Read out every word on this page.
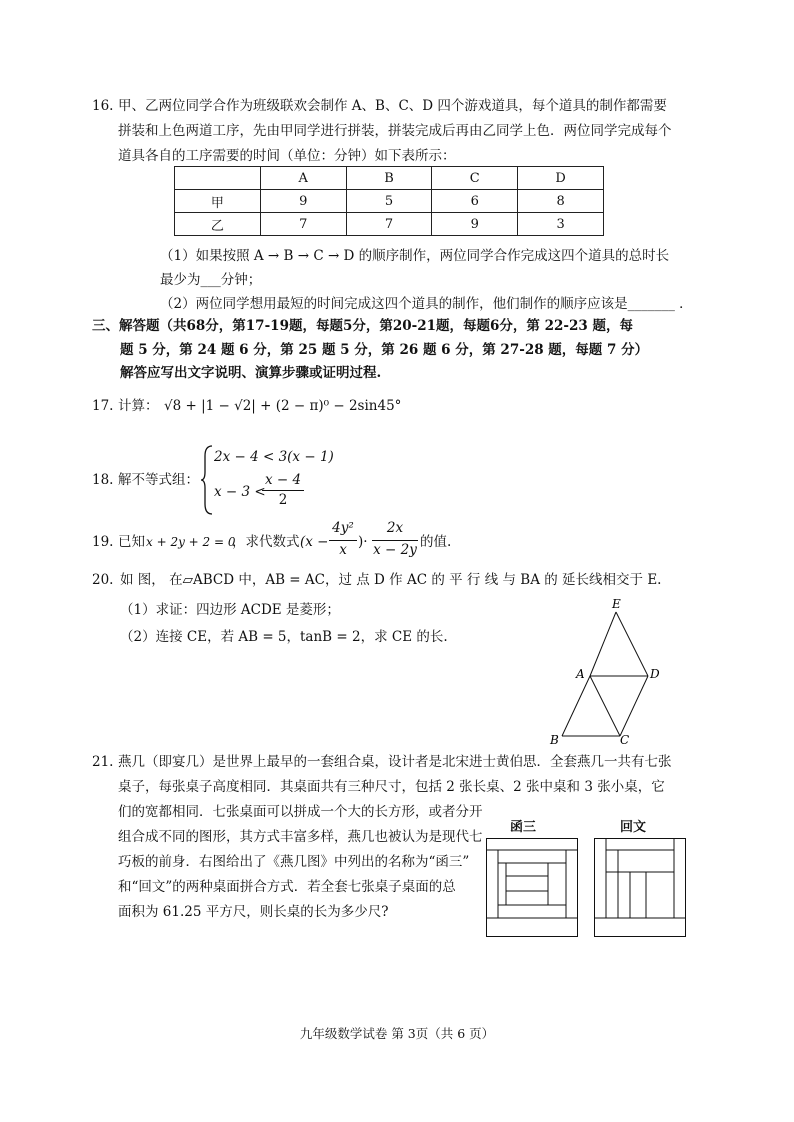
16. 甲、乙两位同学合作为班级联欢会制作 A、B、C、D 四个游戏道具，每个道具的制作都需要
拼装和上色两道工序，先由甲同学进行拼装，拼装完成后再由乙同学上色．两位同学完成每个
道具各自的工序需要的时间（单位：分钟）如下表所示：
	A	B	C	D
甲	9	5	6	8
乙	7	7	9	3
（1）如果按照 A → B → C → D 的顺序制作，两位同学合作完成这四个道具的总时长
最少为___分钟；
（2）两位同学想用最短的时间完成这四个道具的制作，他们制作的顺序应该是_______ ．
三、解答题（共68分，第17-19题，每题5分，第20-21题，每题6分，第 22-23 题，每
题 5 分，第 24 题 6 分，第 25 题 5 分，第 26 题 6 分，第 27-28 题，每题 7 分）
解答应写出文字说明、演算步骤或证明过程.
17. 计算： √8 + |1 − √2| + (2 − π)⁰ − 2sin45°
18. 解不等式组：
2x − 4 < 3(x − 1)
x − 3 <
x − 4
2
19. 已知 x + 2y + 2 = 0
，求代数式 (x −
4y²
x )·
2x
x − 2y 的值.
20. 如 图， 在▱ABCD 中，AB = AC，过 点 D 作 AC 的 平 行 线 与 BA 的 延长线相交于 E.
（1）求证：四边形 ACDE 是菱形；
（2）连接 CE，若 AB = 5，tanB = 2，求 CE 的长.
E
A	D
B	C
21. 燕几（即宴几）是世界上最早的一套组合桌，设计者是北宋进士黄伯思．全套燕几一共有七张
桌子，每张桌子高度相同．其桌面共有三种尺寸，包括 2 张长桌、2 张中桌和 3 张小桌，它
们的宽都相同．七张桌面可以拼成一个大的长方形，或者分开
组合成不同的图形，其方式丰富多样，燕几也被认为是现代七
巧板的前身．右图给出了《燕几图》中列出的名称为“函三”
和“回文”的两种桌面拼合方式．若全套七张桌子桌面的总
面积为 61.25 平方尺，则长桌的长为多少尺?
函三	回文
九年级数学试卷 第 3页（共 6 页）
